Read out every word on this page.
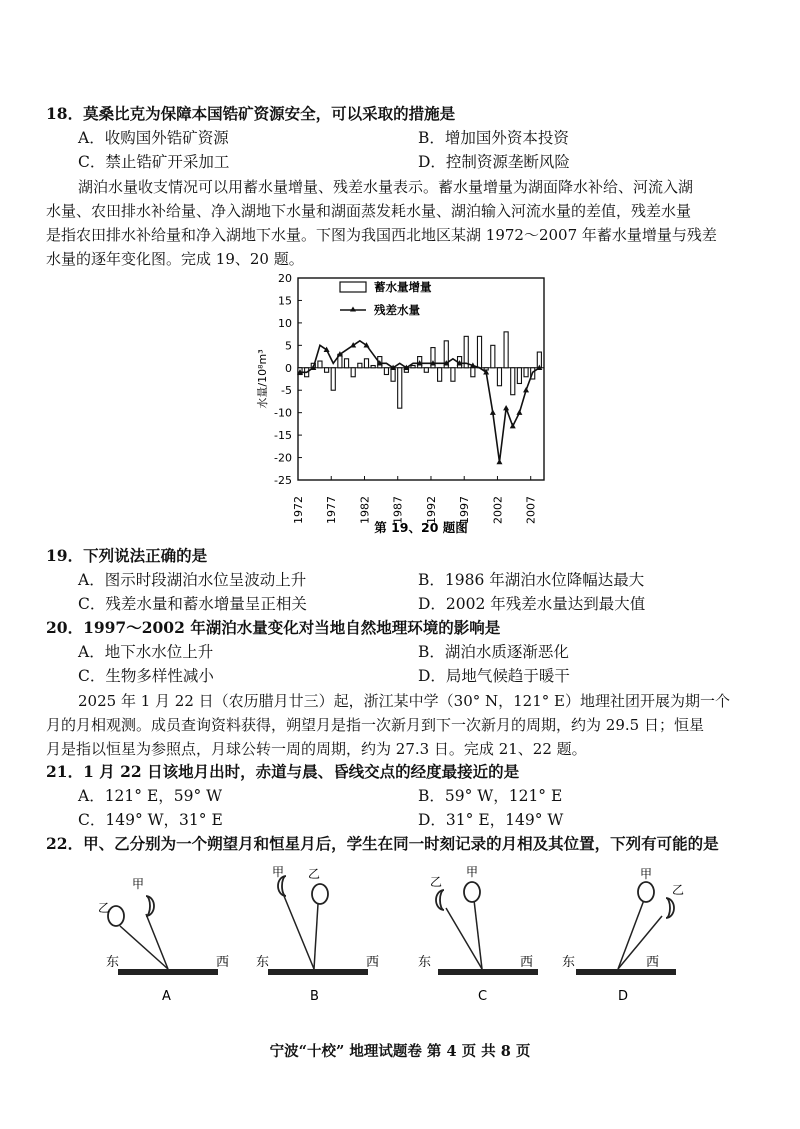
18．莫桑比克为保障本国锆矿资源安全，可以采取的措施是
A．收购国外锆矿资源	B．增加国外资本投资
C．禁止锆矿开采加工	D．控制资源垄断风险

湖泊水量收支情况可以用蓄水量增量、残差水量表示。蓄水量增量为湖面降水补给、河流入湖

水量、农田排水补给量、净入湖地下水量和湖面蒸发耗水量、湖泊输入河流水量的差值，残差水量

是指农田排水补给量和净入湖地下水量。下图为我国西北地区某湖 1972～2007 年蓄水量增量与残差

水量的逐年变化图。完成 19、20 题。

20
15
10
5
0
-5
-10
-15
-20
-25
1972 1977 1982 1987 1992 1997 2002 2007
水量/10⁸m³
蓄水量增量
残差水量
第 19、20 题图
19．下列说法正确的是
A．图示时段湖泊水位呈波动上升	B．1986 年湖泊水位降幅达最大
C．残差水量和蓄水增量呈正相关	D．2002 年残差水量达到最大值
20．1997～2002 年湖泊水量变化对当地自然地理环境的影响是
A．地下水水位上升	B．湖泊水质逐渐恶化
C．生物多样性减小	D．局地气候趋于暖干

2025 年 1 月 22 日（农历腊月廿三）起，浙江某中学（30° N，121° E）地理社团开展为期一个

月的月相观测。成员查询资料获得，朔望月是指一次新月到下一次新月的周期，约为 29.5 日；恒星

月是指以恒星为参照点，月球公转一周的周期，约为 27.3 日。完成 21、22 题。

21．1 月 22 日该地月出时，赤道与晨、昏线交点的经度最接近的是
A．121° E，59° W	B．59° W，121° E
C．149° W，31° E	D．31° E，149° W
22．甲、乙分别为一个朔望月和恒星月后，学生在同一时刻记录的月相及其位置，下列有可能的是
东	西
乙
甲
A
东	西
甲 乙
B
东	西
乙
甲
C
东	西
甲
乙
D
宁波“十校” 地理试题卷 第 4 页 共 8 页
